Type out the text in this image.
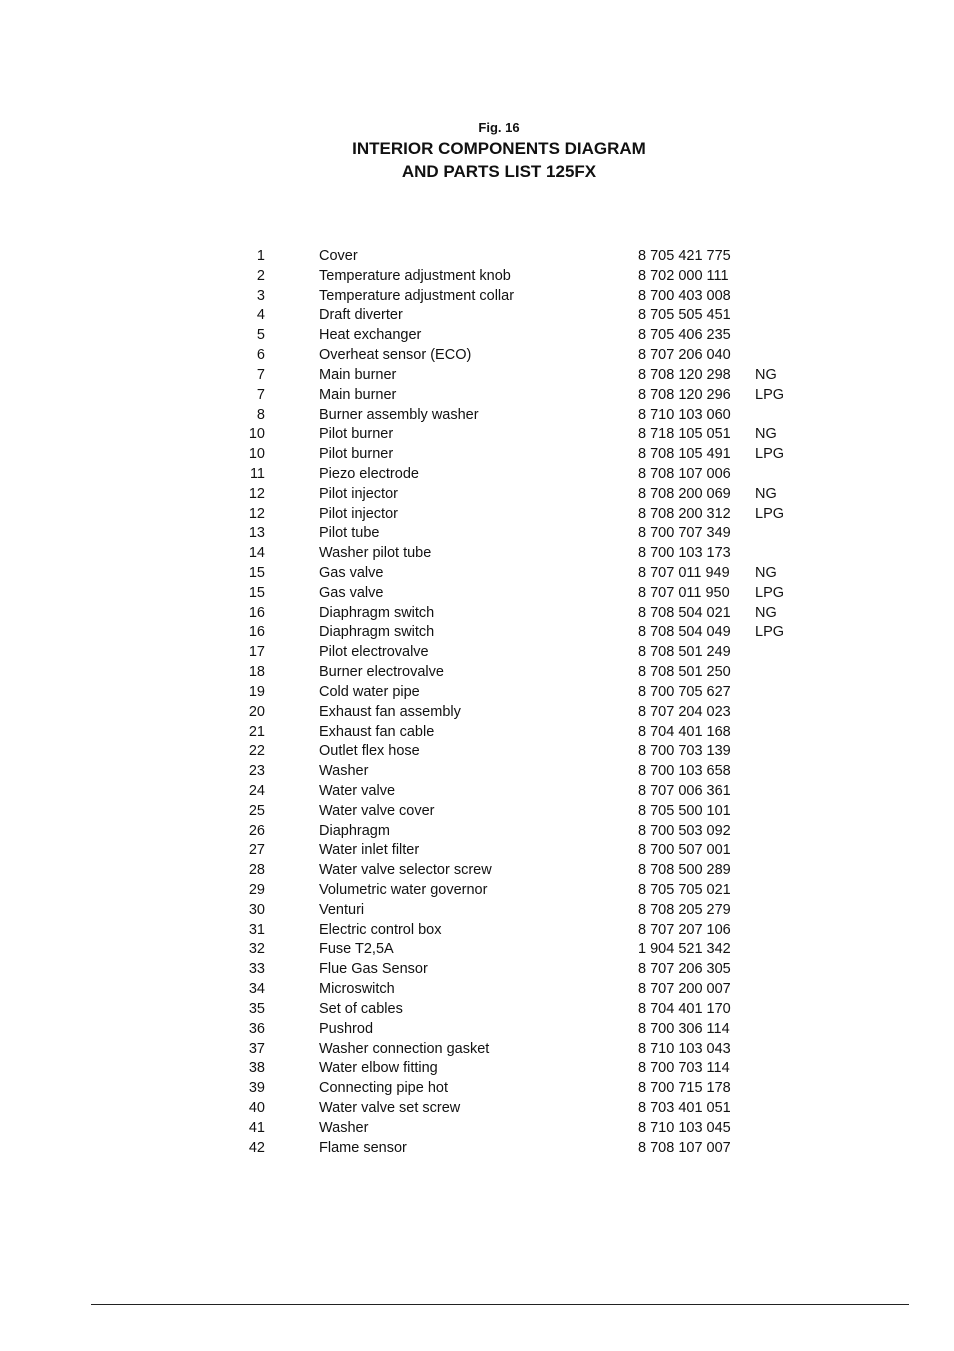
Fig. 16
INTERIOR COMPONENTS DIAGRAM
AND PARTS LIST 125FX
1	Cover	8 705 421 775
2	Temperature adjustment knob	8 702 000 111
3	Temperature adjustment collar	8 700 403 008
4	Draft diverter	8 705 505 451
5	Heat exchanger	8 705 406 235
6	Overheat sensor (ECO)	8 707 206 040
7	Main burner	8 708 120 298 NG
7	Main burner	8 708 120 296 LPG
8	Burner assembly washer	8 710 103 060
10	Pilot burner	8 718 105 051 NG
10	Pilot burner	8 708 105 491 LPG
11	Piezo electrode	8 708 107 006
12	Pilot injector	8 708 200 069 NG
12	Pilot injector	8 708 200 312 LPG
13	Pilot tube	8 700 707 349
14	Washer pilot tube	8 700 103 173
15	Gas valve	8 707 011 949 NG
15	Gas valve	8 707 011 950 LPG
16	Diaphragm switch	8 708 504 021 NG
16	Diaphragm switch	8 708 504 049 LPG
17	Pilot electrovalve	8 708 501 249
18	Burner electrovalve	8 708 501 250
19	Cold water pipe	8 700 705 627
20	Exhaust fan assembly	8 707 204 023
21	Exhaust fan cable	8 704 401 168
22	Outlet flex hose	8 700 703 139
23	Washer	8 700 103 658
24	Water valve	8 707 006 361
25	Water valve cover	8 705 500 101
26	Diaphragm	8 700 503 092
27	Water inlet filter	8 700 507 001
28	Water valve selector screw	8 708 500 289
29	Volumetric water governor	8 705 705 021
30	Venturi	8 708 205 279
31	Electric control box	8 707 207 106
32	Fuse T2,5A	1 904 521 342
33	Flue Gas Sensor	8 707 206 305
34	Microswitch	8 707 200 007
35	Set of cables	8 704 401 170
36	Pushrod	8 700 306 114
37	Washer connection gasket	8 710 103 043
38	Water elbow fitting	8 700 703 114
39	Connecting pipe hot	8 700 715 178
40	Water valve set screw	8 703 401 051
41	Washer	8 710 103 045
42	Flame sensor	8 708 107 007
